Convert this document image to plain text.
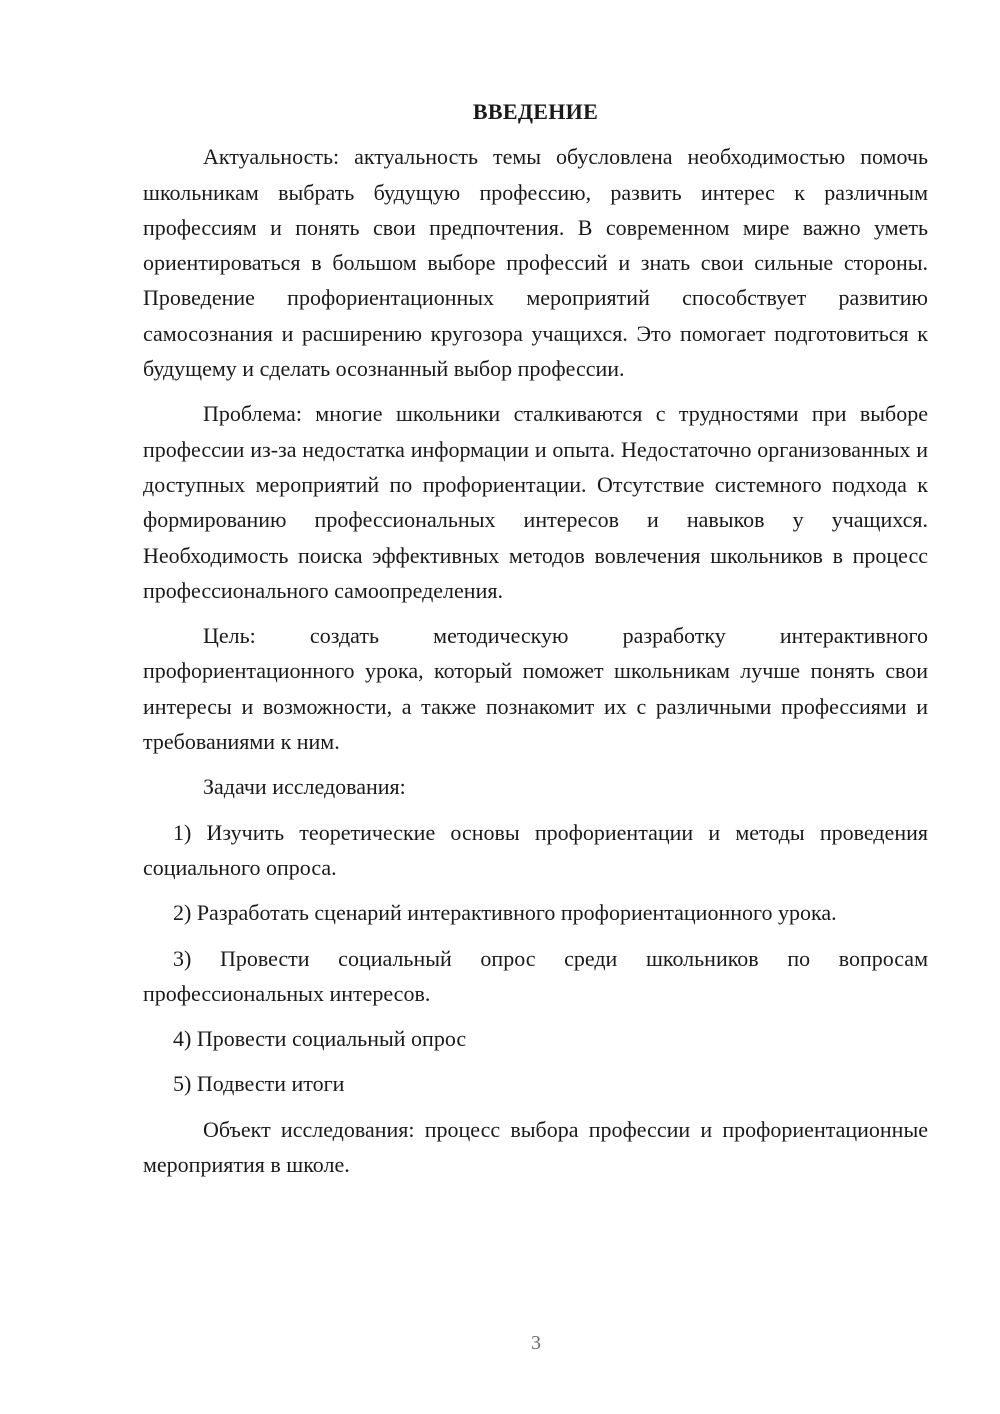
ВВЕДЕНИЕ

Актуальность: актуальность темы обусловлена необходимостью помочь школьникам выбрать будущую профессию, развить интерес к различным профессиям и понять свои предпочтения. В современном мире важно уметь ориентироваться в большом выборе профессий и знать свои сильные стороны. Проведение профориентационных мероприятий способствует развитию самосознания и расширению кругозора учащихся. Это помогает подготовиться к будущему и сделать осознанный выбор профессии.

Проблема: многие школьники сталкиваются с трудностями при выборе профессии из-за недостатка информации и опыта. Недостаточно организованных и доступных мероприятий по профориентации. Отсутствие системного подхода к формированию профессиональных интересов и навыков у учащихся. Необходимость поиска эффективных методов вовлечения школьников в процесс профессионального самоопределения.

Цель: создать методическую разработку интерактивного профориентационного урока, который поможет школьникам лучше понять свои интересы и возможности, а также познакомит их с различными профессиями и требованиями к ним.

Задачи исследования:

1) Изучить теоретические основы профориентации и методы проведения социального опроса.

2) Разработать сценарий интерактивного профориентационного урока.

3) Провести социальный опрос среди школьников по вопросам профессиональных интересов.

4) Провести социальный опрос

5) Подвести итоги

Объект исследования: процесс выбора профессии и профориентационные мероприятия в школе.

3
